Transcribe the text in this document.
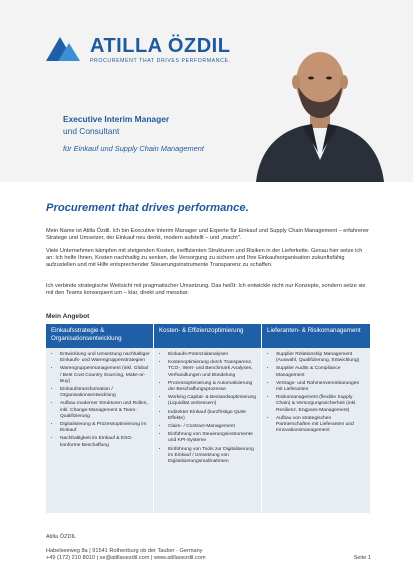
ATILLA ÖZDIL
PROCUREMENT THAT DRIVES PERFORMANCE.
Executive Interim Manager
und Consultant
für Einkauf und Supply Chain Management
Procurement that drives performance.

Mein Name ist Atilla Özdil. Ich bin Executive Interim Manager und Experte für Einkauf und Supply Chain Management – erfahrener Stratege und Umsetzer, der Einkauf neu denkt, modern aufstellt – und „macht".

Viele Unternehmen kämpfen mit steigenden Kosten, ineffizienten Strukturen und Risiken in der Lieferkette. Genau hier setze ich an: Ich helfe Ihnen, Kosten nachhaltig zu senken, die Versorgung zu sichern und Ihre Einkaufsorganisation zukunftsfähig aufzustellen und mit Hilfe entsprechender Steuerungsinstrumente Transparenz zu schaffen.

Ich verbinde strategische Weitsicht mit pragmatischer Umsetzung. Das heißt: Ich entwickle nicht nur Konzepte, sondern setze sie mit den Teams konsequent um – klar, direkt und messbar.

Mein Angebot
Einkaufsstrategie & Organisationsentwicklung
• Entwicklung und Umsetzung nachhaltiger Einkaufs- und Warengruppenstrategien
• Warengruppenmanagement (inkl. Global / Best Cost Country Sourcing, Make-or-Buy)
• Einkaufstransformation / Organisationsentwicklung
• Aufbau moderner Strukturen und Rollen, inkl. Change-Management & Team-Qualifizierung
• Digitalisierung & Prozessoptimierung im Einkauf
• Nachhaltigkeit im Einkauf & ESG-konforme Beschaffung
Kosten- & Effizienzoptimierung
• Einkaufs-Potenzialanalysen
• Kostenoptimierung durch Transparenz, TCO-, Wert- und Benchmark Analysen, Verhandlungen und Bündelung
• Prozessoptimierung & Automatisierung der Beschaffungsprozesse
• Working Capital- & Bestandsoptimierung (Liquidität verbessern)
• Indirekter Einkauf (kurzfristige QuW-Effekte)
• Claim- / Contract-Management
• Einführung von Steuerungsinstrumente und KPI-Systeme
• Einführung von Tools zur Digitalisierung im Einkauf / Umsetzung von Digitalisierungsmaßnahmen
Lieferanten- & Risikomanagement
• Supplier Relationship Management (Auswahl, Qualifizierung, Entwicklung)
• Supplier Audits & Compliance Management
• Vertrags- und Rahmenvereinbarungen mit Lieferanten
• Risikomanagement (flexible Supply Chain) & Versorgungssicherheit (inkl. Resilienz, Engpass-Management)
• Aufbau von strategischen Partnerschaften mit Lieferanten und Innovationsmanagement
Atilla ÖZDIL
Habelseeweg 8a | 91541 Rothenburg ob der Tauber - Germany
+49 (172) 210 8010 | se@atillaoezdil.com | www.atillaoezdil.com	Seite 1
